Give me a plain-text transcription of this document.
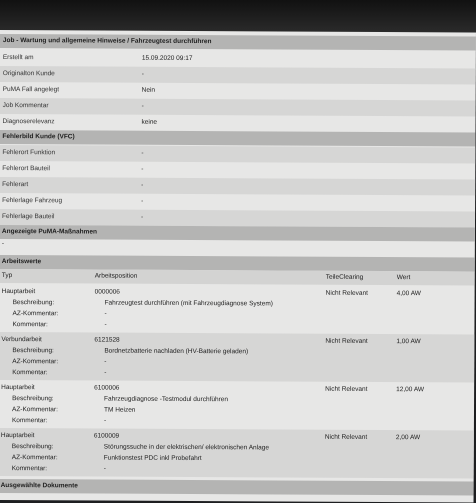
Job - Wartung und allgemeine Hinweise / Fahrzeugtest durchführen
Erstellt am	15.09.2020 09:17
Originalton Kunde	-
PuMA Fall angelegt	Nein
Job Kommentar	-
Diagnoserelevanz	keine
Fehlerbild Kunde (VFC)
Fehlerort Funktion	-
Fehlerort Bauteil	-
Fehlerart	-
Fehlerlage Fahrzeug	-
Fehlerlage Bauteil	-
Angezeigte PuMA-Maßnahmen
-
Arbeitswerte
Typ	Arbeitsposition	TeileClearing	Wert
Hauptarbeit	0000006	Nicht Relevant	4,00 AW
Beschreibung:	Fahrzeugtest durchführen (mit Fahrzeugdiagnose System)
AZ-Kommentar:	-
Kommentar:	-
Verbundarbeit	6121528	Nicht Relevant	1,00 AW
Beschreibung:	Bordnetzbatterie nachladen (HV-Batterie geladen)
AZ-Kommentar:	-
Kommentar:	-
Hauptarbeit	6100006	Nicht Relevant	12,00 AW
Beschreibung:	Fahrzeugdiagnose -Testmodul durchführen
AZ-Kommentar:	TM Heizen
Kommentar:	-
Hauptarbeit	6100009	Nicht Relevant	2,00 AW
Beschreibung:	Störungssuche in der elektrischen/ elektronischen Anlage
AZ-Kommentar:	Funktionstest PDC inkl Probefahrt
Kommentar:	-
Ausgewählte Dokumente
